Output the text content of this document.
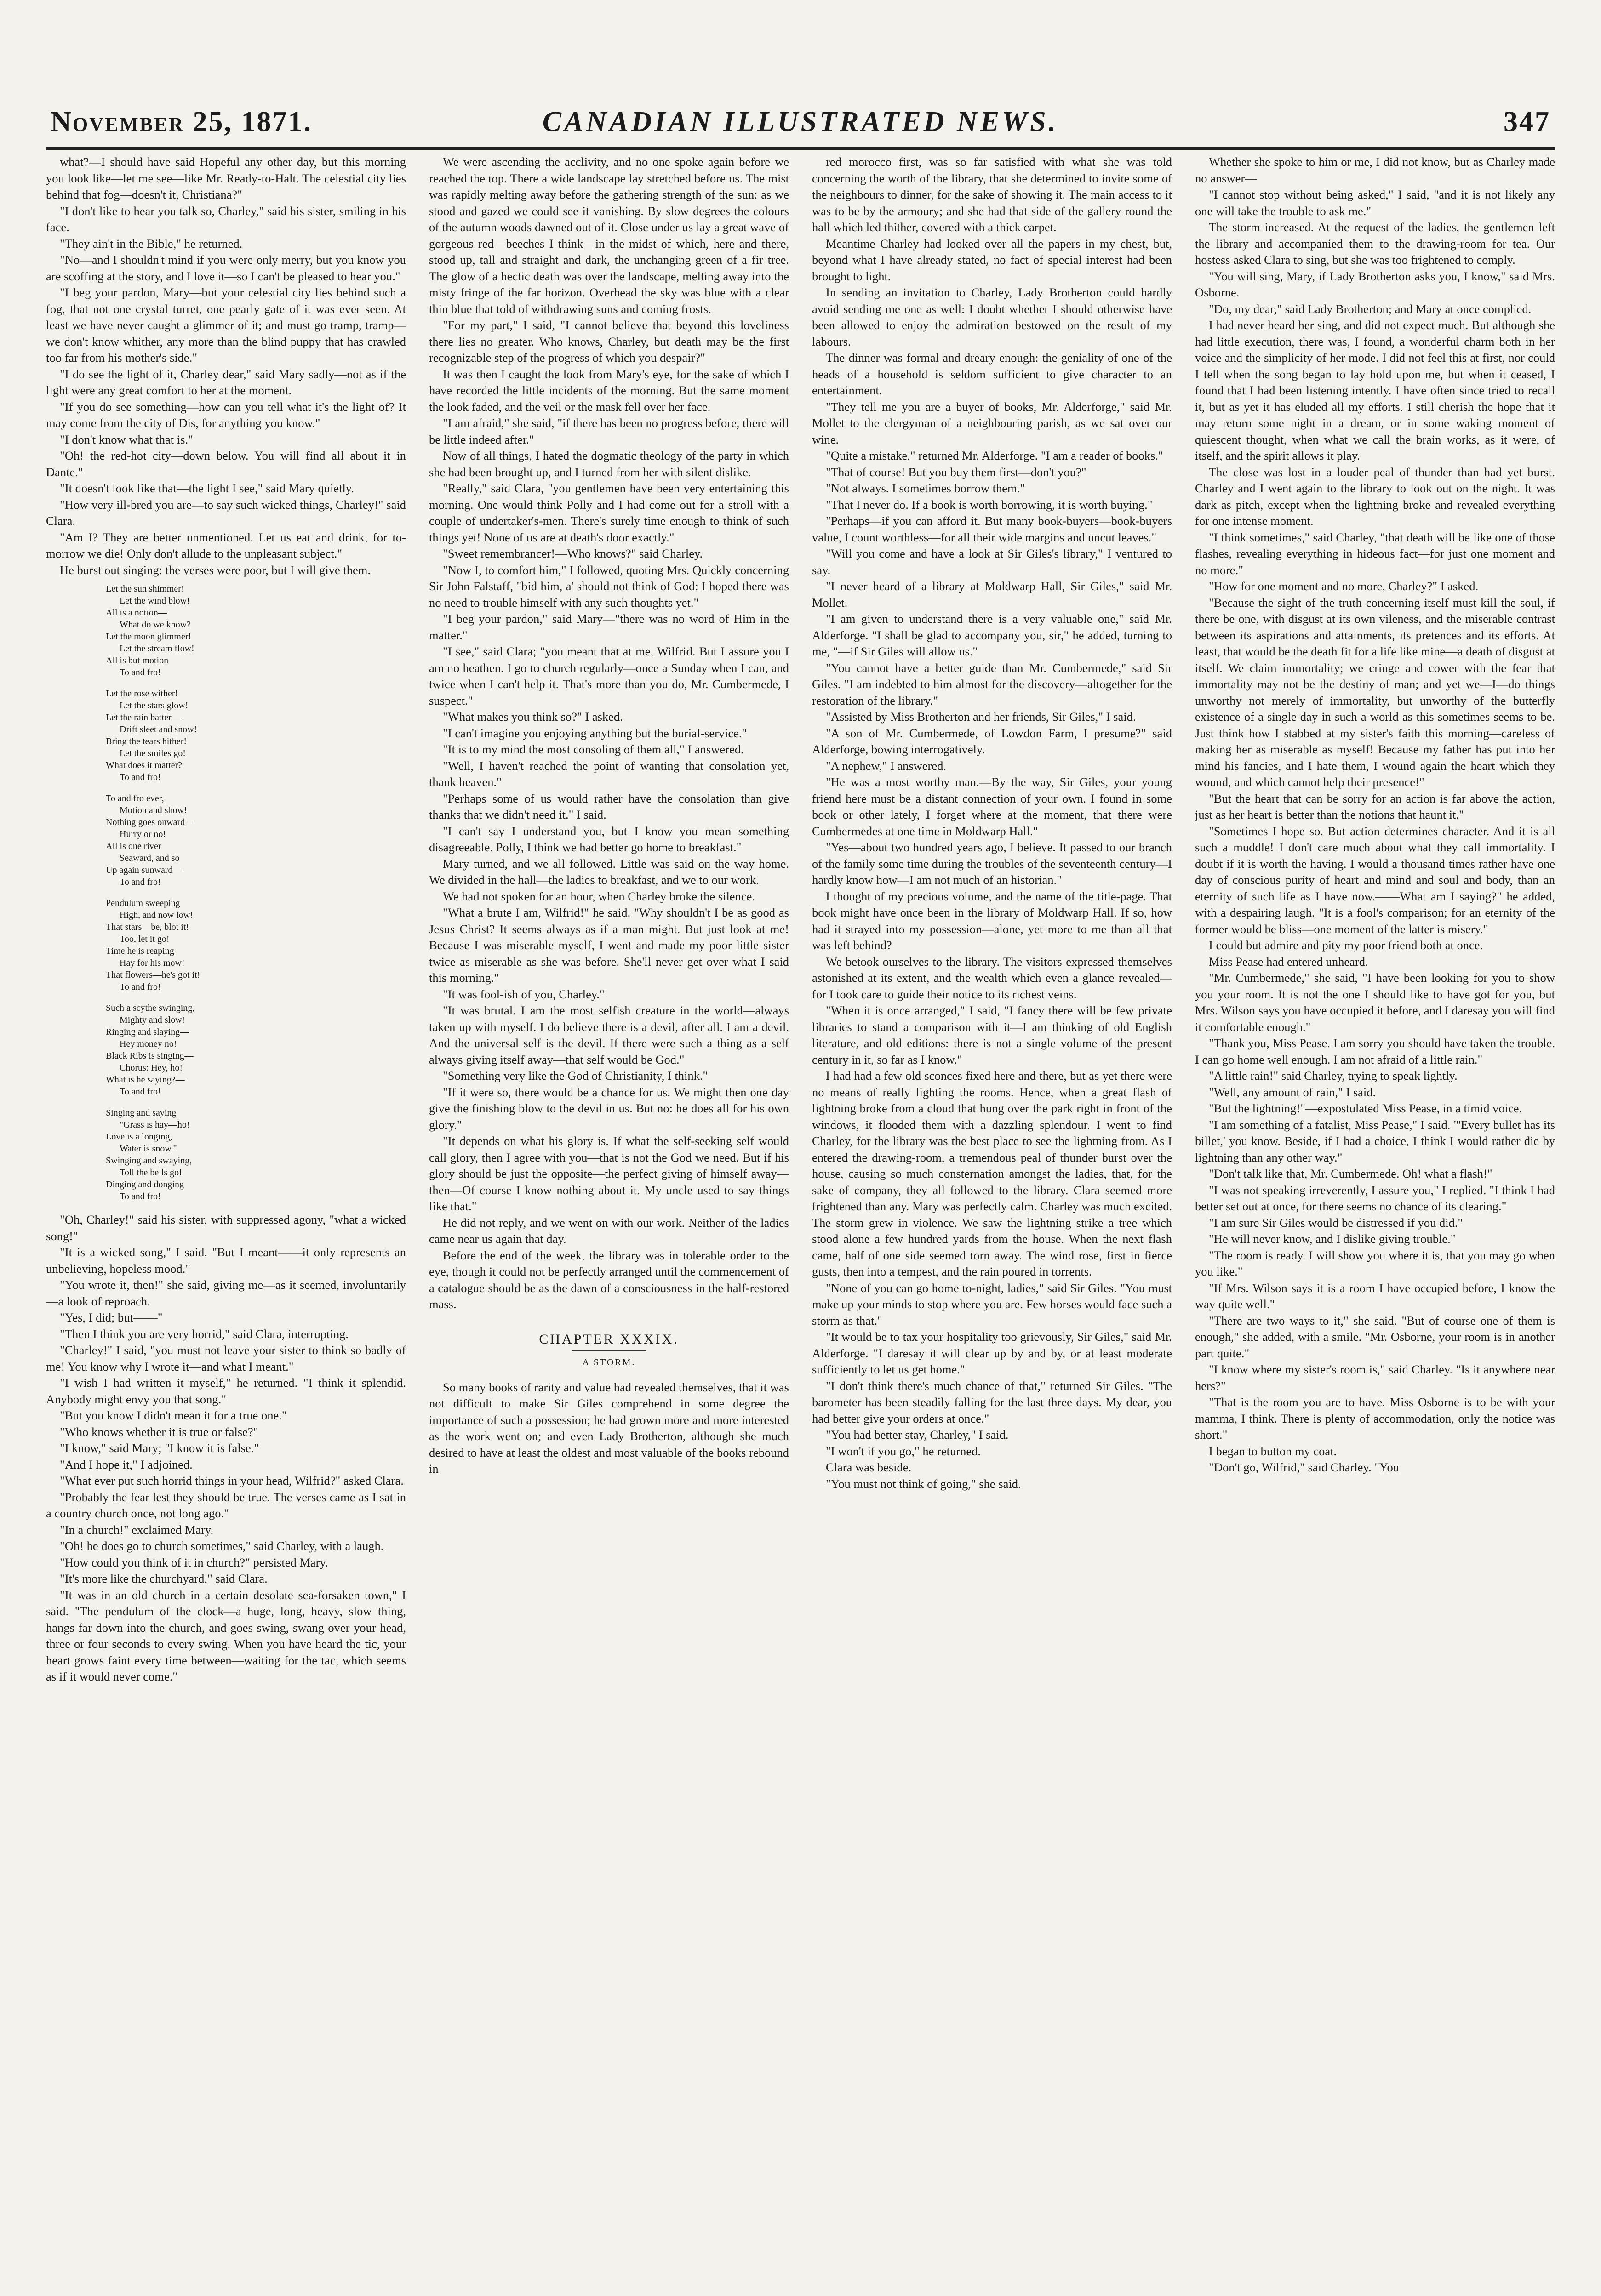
November 25, 1871.	CANADIAN ILLUSTRATED NEWS.	347

what?—I should have said Hopeful any other day, but this morning you look like—let me see—like Mr. Ready-to-Halt. The celestial city lies behind that fog—doesn't it, Christiana?"

"I don't like to hear you talk so, Charley," said his sister, smiling in his face.

"They ain't in the Bible," he returned.

"No—and I shouldn't mind if you were only merry, but you know you are scoffing at the story, and I love it—so I can't be pleased to hear you."

"I beg your pardon, Mary—but your celestial city lies behind such a fog, that not one crystal turret, one pearly gate of it was ever seen. At least we have never caught a glimmer of it; and must go tramp, tramp—we don't know whither, any more than the blind puppy that has crawled too far from his mother's side."

"I do see the light of it, Charley dear," said Mary sadly—not as if the light were any great comfort to her at the moment.

"If you do see something—how can you tell what it's the light of? It may come from the city of Dis, for anything you know."

"I don't know what that is."

"Oh! the red-hot city—down below. You will find all about it in Dante."

"It doesn't look like that—the light I see," said Mary quietly.

"How very ill-bred you are—to say such wicked things, Charley!" said Clara.

"Am I? They are better unmentioned. Let us eat and drink, for to-morrow we die! Only don't allude to the unpleasant subject."

He burst out singing: the verses were poor, but I will give them.

Let the sun shimmer!
Let the wind blow!
All is a notion—
What do we know?
Let the moon glimmer!
Let the stream flow!
All is but motion
To and fro!
Let the rose wither!
Let the stars glow!
Let the rain batter—
Drift sleet and snow!
Bring the tears hither!
Let the smiles go!
What does it matter?
To and fro!
To and fro ever,
Motion and show!
Nothing goes onward—
Hurry or no!
All is one river
Seaward, and so
Up again sunward—
To and fro!
Pendulum sweeping
High, and now low!
That stars—be, blot it!
Too, let it go!
Time he is reaping
Hay for his mow!
That flowers—he's got it!
To and fro!
Such a scythe swinging,
Mighty and slow!
Ringing and slaying—
Hey money no!
Black Ribs is singing—
Chorus: Hey, ho!
What is he saying?—
To and fro!
Singing and saying
"Grass is hay—ho!
Love is a longing,
Water is snow."
Swinging and swaying,
Toll the bells go!
Dinging and donging
To and fro!

"Oh, Charley!" said his sister, with suppressed agony, "what a wicked song!"

"It is a wicked song," I said. "But I meant——it only represents an unbelieving, hopeless mood."

"You wrote it, then!" she said, giving me—as it seemed, involuntarily—a look of reproach.

"Yes, I did; but——"

"Then I think you are very horrid," said Clara, interrupting.

"Charley!" I said, "you must not leave your sister to think so badly of me! You know why I wrote it—and what I meant."

"I wish I had written it myself," he returned. "I think it splendid. Anybody might envy you that song."

"But you know I didn't mean it for a true one."

"Who knows whether it is true or false?"

"I know," said Mary; "I know it is false."

"And I hope it," I adjoined.

"What ever put such horrid things in your head, Wilfrid?" asked Clara.

"Probably the fear lest they should be true. The verses came as I sat in a country church once, not long ago."

"In a church!" exclaimed Mary.

"Oh! he does go to church sometimes," said Charley, with a laugh.

"How could you think of it in church?" persisted Mary.

"It's more like the churchyard," said Clara.

"It was in an old church in a certain desolate sea-forsaken town," I said. "The pendulum of the clock—a huge, long, heavy, slow thing, hangs far down into the church, and goes swing, swang over your head, three or four seconds to every swing. When you have heard the tic, your heart grows faint every time between—waiting for the tac, which seems as if it would never come."

We were ascending the acclivity, and no one spoke again before we reached the top. There a wide landscape lay stretched before us. The mist was rapidly melting away before the gathering strength of the sun: as we stood and gazed we could see it vanishing. By slow degrees the colours of the autumn woods dawned out of it. Close under us lay a great wave of gorgeous red—beeches I think—in the midst of which, here and there, stood up, tall and straight and dark, the unchanging green of a fir tree. The glow of a hectic death was over the landscape, melting away into the misty fringe of the far horizon. Overhead the sky was blue with a clear thin blue that told of withdrawing suns and coming frosts.

"For my part," I said, "I cannot believe that beyond this loveliness there lies no greater. Who knows, Charley, but death may be the first recognizable step of the progress of which you despair?"

It was then I caught the look from Mary's eye, for the sake of which I have recorded the little incidents of the morning. But the same moment the look faded, and the veil or the mask fell over her face.

"I am afraid," she said, "if there has been no progress before, there will be little indeed after."

Now of all things, I hated the dogmatic theology of the party in which she had been brought up, and I turned from her with silent dislike.

"Really," said Clara, "you gentlemen have been very entertaining this morning. One would think Polly and I had come out for a stroll with a couple of undertaker's-men. There's surely time enough to think of such things yet! None of us are at death's door exactly."

"Sweet remembrancer!—Who knows?" said Charley.

"Now I, to comfort him," I followed, quoting Mrs. Quickly concerning Sir John Falstaff, "bid him, a' should not think of God: I hoped there was no need to trouble himself with any such thoughts yet."

"I beg your pardon," said Mary—"there was no word of Him in the matter."

"I see," said Clara; "you meant that at me, Wilfrid. But I assure you I am no heathen. I go to church regularly—once a Sunday when I can, and twice when I can't help it. That's more than you do, Mr. Cumbermede, I suspect."

"What makes you think so?" I asked.

"I can't imagine you enjoying anything but the burial-service."

"It is to my mind the most consoling of them all," I answered.

"Well, I haven't reached the point of wanting that consolation yet, thank heaven."

"Perhaps some of us would rather have the consolation than give thanks that we didn't need it." I said.

"I can't say I understand you, but I know you mean something disagreeable. Polly, I think we had better go home to breakfast."

Mary turned, and we all followed. Little was said on the way home. We divided in the hall—the ladies to breakfast, and we to our work.

We had not spoken for an hour, when Charley broke the silence.

"What a brute I am, Wilfrid!" he said. "Why shouldn't I be as good as Jesus Christ? It seems always as if a man might. But just look at me! Because I was miserable myself, I went and made my poor little sister twice as miserable as she was before. She'll never get over what I said this morning."

"It was fool-ish of you, Charley."

"It was brutal. I am the most selfish creature in the world—always taken up with myself. I do believe there is a devil, after all. I am a devil. And the universal self is the devil. If there were such a thing as a self always giving itself away—that self would be God."

"Something very like the God of Christianity, I think."

"If it were so, there would be a chance for us. We might then one day give the finishing blow to the devil in us. But no: he does all for his own glory."

"It depends on what his glory is. If what the self-seeking self would call glory, then I agree with you—that is not the God we need. But if his glory should be just the opposite—the perfect giving of himself away—then—Of course I know nothing about it. My uncle used to say things like that."

He did not reply, and we went on with our work. Neither of the ladies came near us again that day.

Before the end of the week, the library was in tolerable order to the eye, though it could not be perfectly arranged until the commencement of a catalogue should be as the dawn of a consciousness in the half-restored mass.

CHAPTER XXXIX.
A STORM.

So many books of rarity and value had revealed themselves, that it was not difficult to make Sir Giles comprehend in some degree the importance of such a possession; he had grown more and more interested as the work went on; and even Lady Brotherton, although she much desired to have at least the oldest and most valuable of the books rebound in

red morocco first, was so far satisfied with what she was told concerning the worth of the library, that she determined to invite some of the neighbours to dinner, for the sake of showing it. The main access to it was to be by the armoury; and she had that side of the gallery round the hall which led thither, covered with a thick carpet.

Meantime Charley had looked over all the papers in my chest, but, beyond what I have already stated, no fact of special interest had been brought to light.

In sending an invitation to Charley, Lady Brotherton could hardly avoid sending me one as well: I doubt whether I should otherwise have been allowed to enjoy the admiration bestowed on the result of my labours.

The dinner was formal and dreary enough: the geniality of one of the heads of a household is seldom sufficient to give character to an entertainment.

"They tell me you are a buyer of books, Mr. Alderforge," said Mr. Mollet to the clergyman of a neighbouring parish, as we sat over our wine.

"Quite a mistake," returned Mr. Alderforge. "I am a reader of books."

"That of course! But you buy them first—don't you?"

"Not always. I sometimes borrow them."

"That I never do. If a book is worth borrowing, it is worth buying."

"Perhaps—if you can afford it. But many book-buyers—book-buyers value, I count worthless—for all their wide margins and uncut leaves."

"Will you come and have a look at Sir Giles's library," I ventured to say.

"I never heard of a library at Moldwarp Hall, Sir Giles," said Mr. Mollet.

"I am given to understand there is a very valuable one," said Mr. Alderforge. "I shall be glad to accompany you, sir," he added, turning to me, "—if Sir Giles will allow us."

"You cannot have a better guide than Mr. Cumbermede," said Sir Giles. "I am indebted to him almost for the discovery—altogether for the restoration of the library."

"Assisted by Miss Brotherton and her friends, Sir Giles," I said.

"A son of Mr. Cumbermede, of Lowdon Farm, I presume?" said Alderforge, bowing interrogatively.

"A nephew," I answered.

"He was a most worthy man.—By the way, Sir Giles, your young friend here must be a distant connection of your own. I found in some book or other lately, I forget where at the moment, that there were Cumbermedes at one time in Moldwarp Hall."

"Yes—about two hundred years ago, I believe. It passed to our branch of the family some time during the troubles of the seventeenth century—I hardly know how—I am not much of an historian."

I thought of my precious volume, and the name of the title-page. That book might have once been in the library of Moldwarp Hall. If so, how had it strayed into my possession—alone, yet more to me than all that was left behind?

We betook ourselves to the library. The visitors expressed themselves astonished at its extent, and the wealth which even a glance revealed—for I took care to guide their notice to its richest veins.

"When it is once arranged," I said, "I fancy there will be few private libraries to stand a comparison with it—I am thinking of old English literature, and old editions: there is not a single volume of the present century in it, so far as I know."

I had had a few old sconces fixed here and there, but as yet there were no means of really lighting the rooms. Hence, when a great flash of lightning broke from a cloud that hung over the park right in front of the windows, it flooded them with a dazzling splendour. I went to find Charley, for the library was the best place to see the lightning from. As I entered the drawing-room, a tremendous peal of thunder burst over the house, causing so much consternation amongst the ladies, that, for the sake of company, they all followed to the library. Clara seemed more frightened than any. Mary was perfectly calm. Charley was much excited. The storm grew in violence. We saw the lightning strike a tree which stood alone a few hundred yards from the house. When the next flash came, half of one side seemed torn away. The wind rose, first in fierce gusts, then into a tempest, and the rain poured in torrents.

"None of you can go home to-night, ladies," said Sir Giles. "You must make up your minds to stop where you are. Few horses would face such a storm as that."

"It would be to tax your hospitality too grievously, Sir Giles," said Mr. Alderforge. "I daresay it will clear up by and by, or at least moderate sufficiently to let us get home."

"I don't think there's much chance of that," returned Sir Giles. "The barometer has been steadily falling for the last three days. My dear, you had better give your orders at once."

"You had better stay, Charley," I said.

"I won't if you go," he returned.

Clara was beside.

"You must not think of going," she said.

Whether she spoke to him or me, I did not know, but as Charley made no answer—

"I cannot stop without being asked," I said, "and it is not likely any one will take the trouble to ask me."

The storm increased. At the request of the ladies, the gentlemen left the library and accompanied them to the drawing-room for tea. Our hostess asked Clara to sing, but she was too frightened to comply.

"You will sing, Mary, if Lady Brotherton asks you, I know," said Mrs. Osborne.

"Do, my dear," said Lady Brotherton; and Mary at once complied.

I had never heard her sing, and did not expect much. But although she had little execution, there was, I found, a wonderful charm both in her voice and the simplicity of her mode. I did not feel this at first, nor could I tell when the song began to lay hold upon me, but when it ceased, I found that I had been listening intently. I have often since tried to recall it, but as yet it has eluded all my efforts. I still cherish the hope that it may return some night in a dream, or in some waking moment of quiescent thought, when what we call the brain works, as it were, of itself, and the spirit allows it play.

The close was lost in a louder peal of thunder than had yet burst. Charley and I went again to the library to look out on the night. It was dark as pitch, except when the lightning broke and revealed everything for one intense moment.

"I think sometimes," said Charley, "that death will be like one of those flashes, revealing everything in hideous fact—for just one moment and no more."

"How for one moment and no more, Charley?" I asked.

"Because the sight of the truth concerning itself must kill the soul, if there be one, with disgust at its own vileness, and the miserable contrast between its aspirations and attainments, its pretences and its efforts. At least, that would be the death fit for a life like mine—a death of disgust at itself. We claim immortality; we cringe and cower with the fear that immortality may not be the destiny of man; and yet we—I—do things unworthy not merely of immortality, but unworthy of the butterfly existence of a single day in such a world as this sometimes seems to be. Just think how I stabbed at my sister's faith this morning—careless of making her as miserable as myself! Because my father has put into her mind his fancies, and I hate them, I wound again the heart which they wound, and which cannot help their presence!"

"But the heart that can be sorry for an action is far above the action, just as her heart is better than the notions that haunt it."

"Sometimes I hope so. But action determines character. And it is all such a muddle! I don't care much about what they call immortality. I doubt if it is worth the having. I would a thousand times rather have one day of conscious purity of heart and mind and soul and body, than an eternity of such life as I have now.——What am I saying?" he added, with a despairing laugh. "It is a fool's comparison; for an eternity of the former would be bliss—one moment of the latter is misery."

I could but admire and pity my poor friend both at once.

Miss Pease had entered unheard.

"Mr. Cumbermede," she said, "I have been looking for you to show you your room. It is not the one I should like to have got for you, but Mrs. Wilson says you have occupied it before, and I daresay you will find it comfortable enough."

"Thank you, Miss Pease. I am sorry you should have taken the trouble. I can go home well enough. I am not afraid of a little rain."

"A little rain!" said Charley, trying to speak lightly.

"Well, any amount of rain," I said.

"But the lightning!"—expostulated Miss Pease, in a timid voice.

"I am something of a fatalist, Miss Pease," I said. "'Every bullet has its billet,' you know. Beside, if I had a choice, I think I would rather die by lightning than any other way."

"Don't talk like that, Mr. Cumbermede. Oh! what a flash!"

"I was not speaking irreverently, I assure you," I replied. "I think I had better set out at once, for there seems no chance of its clearing."

"I am sure Sir Giles would be distressed if you did."

"He will never know, and I dislike giving trouble."

"The room is ready. I will show you where it is, that you may go when you like."

"If Mrs. Wilson says it is a room I have occupied before, I know the way quite well."

"There are two ways to it," she said. "But of course one of them is enough," she added, with a smile. "Mr. Osborne, your room is in another part quite."

"I know where my sister's room is," said Charley. "Is it anywhere near hers?"

"That is the room you are to have. Miss Osborne is to be with your mamma, I think. There is plenty of accommodation, only the notice was short."

I began to button my coat.

"Don't go, Wilfrid," said Charley. "You
